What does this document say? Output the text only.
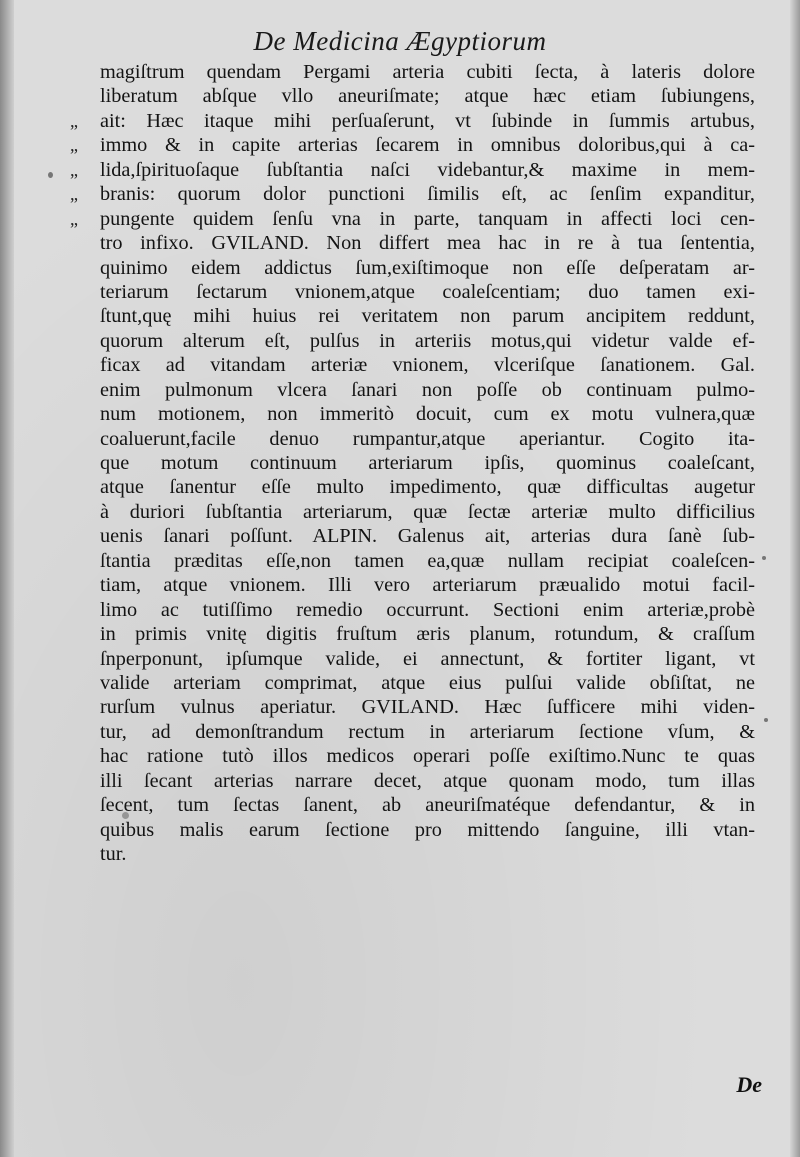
De Medicina Ægyptiorum
magiſtrum quendam Pergami arteria cubiti ſecta, à lateris dolore
liberatum abſque vllo aneuriſmate; atque hæc etiam ſubiungens,
„ ait: Hæc itaque mihi perſuaſerunt, vt ſubinde in ſummis artubus,
„ immo & in capite arterias ſecarem in omnibus doloribus,qui à ca-
„ lida,ſpirituoſaque ſubſtantia naſci videbantur,& maxime in mem-
„ branis: quorum dolor punctioni ſimilis eſt, ac ſenſim expanditur,
„ pungente quidem ſenſu vna in parte, tanquam in affecti loci cen-
tro infixo. GVILAND. Non differt mea hac in re à tua ſententia,
quinimo eidem addictus ſum,exiſtimoque non eſſe deſperatam ar-
teriarum ſectarum vnionem,atque coaleſcentiam; duo tamen exi-
ſtunt,quę mihi huius rei veritatem non parum ancipitem reddunt,
quorum alterum eſt, pulſus in arteriis motus,qui videtur valde ef-
ficax ad vitandam arteriæ vnionem, vlceriſque ſanationem. Gal.
enim pulmonum vlcera ſanari non poſſe ob continuam pulmo-
num motionem, non immeritò docuit, cum ex motu vulnera,quæ
coaluerunt,facile denuo rumpantur,atque aperiantur. Cogito ita-
que motum continuum arteriarum ipſis, quominus coaleſcant,
atque ſanentur eſſe multo impedimento, quæ difficultas augetur
à duriori ſubſtantia arteriarum, quæ ſectæ arteriæ multo difficilius
uenis ſanari poſſunt. ALPIN. Galenus ait, arterias dura ſanè ſub-
ſtantia præditas eſſe,non tamen ea,quæ nullam recipiat coaleſcen-
tiam, atque vnionem. Illi vero arteriarum præualido motui facil-
limo ac tutiſſimo remedio occurrunt. Sectioni enim arteriæ,probè
in primis vnitę digitis fruſtum æris planum, rotundum, & craſſum
ſnperponunt, ipſumque valide, ei annectunt, & fortiter ligant, vt
valide arteriam comprimat, atque eius pulſui valide obſiſtat, ne
rurſum vulnus aperiatur. GVILAND. Hæc ſufficere mihi viden-
tur, ad demonſtrandum rectum in arteriarum ſectione vſum, &
hac ratione tutò illos medicos operari poſſe exiſtimo.Nunc te quas
illi ſecant arterias narrare decet, atque quonam modo, tum illas
ſecent, tum ſectas ſanent, ab aneuriſmatéque defendantur, & in
quibus malis earum ſectione pro mittendo ſanguine, illi vtan-
tur.

De
